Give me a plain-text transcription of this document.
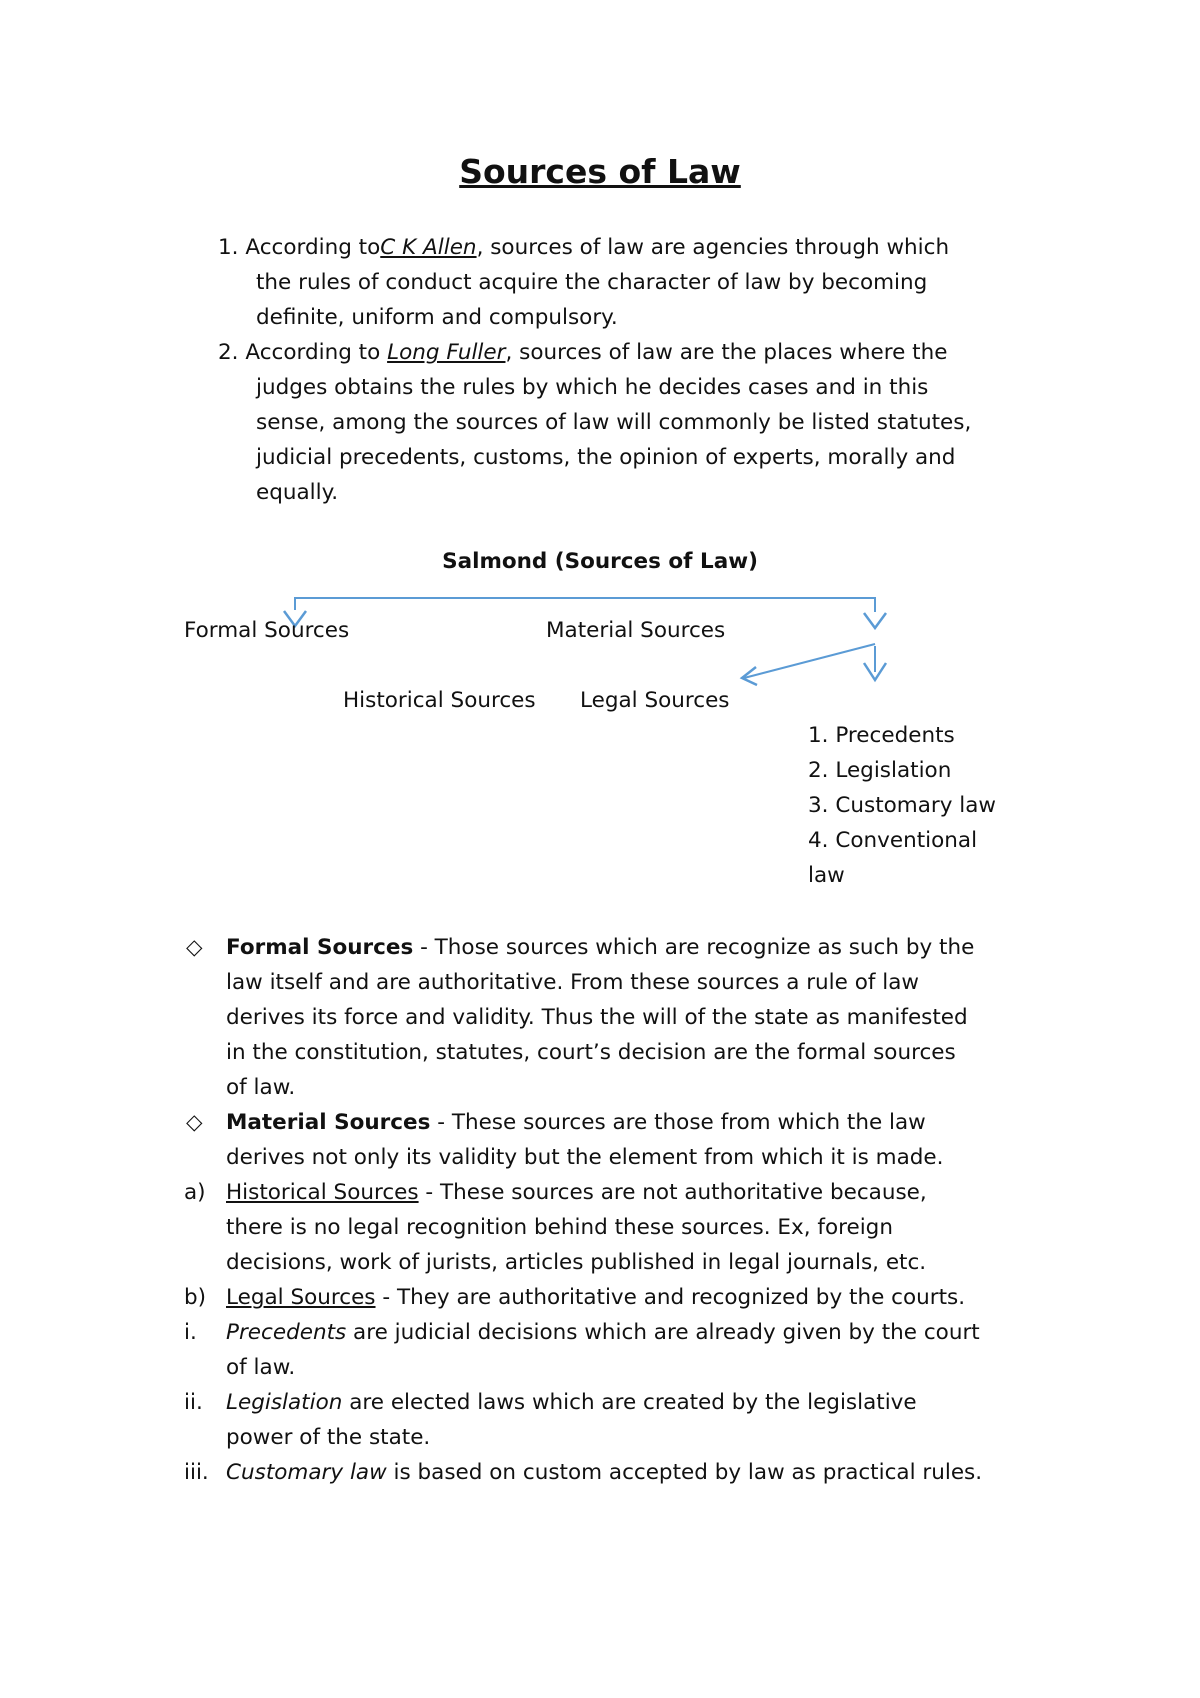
Sources of Law
1. According toC K Allen, sources of law are agencies through which
the rules of conduct acquire the character of law by becoming
definite, uniform and compulsory.
2. According to Long Fuller, sources of law are the places where the
judges obtains the rules by which he decides cases and in this
sense, among the sources of law will commonly be listed statutes,
judicial precedents, customs, the opinion of experts, morally and
equally.
Salmond (Sources of Law)
Formal Sources	Material Sources
Historical Sources Legal Sources
1. Precedents
2. Legislation
3. Customary law
4. Conventional
law
◇ Formal Sources - Those sources which are recognize as such by the
law itself and are authoritative. From these sources a rule of law
derives its force and validity. Thus the will of the state as manifested
in the constitution, statutes, court’s decision are the formal sources
of law.
◇ Material Sources - These sources are those from which the law
derives not only its validity but the element from which it is made.
a) Historical Sources - These sources are not authoritative because,
there is no legal recognition behind these sources. Ex, foreign
decisions, work of jurists, articles published in legal journals, etc.
b) Legal Sources - They are authoritative and recognized by the courts.
i. Precedents are judicial decisions which are already given by the court
of law.
ii. Legislation are elected laws which are created by the legislative
power of the state.
iii. Customary law is based on custom accepted by law as practical rules.
